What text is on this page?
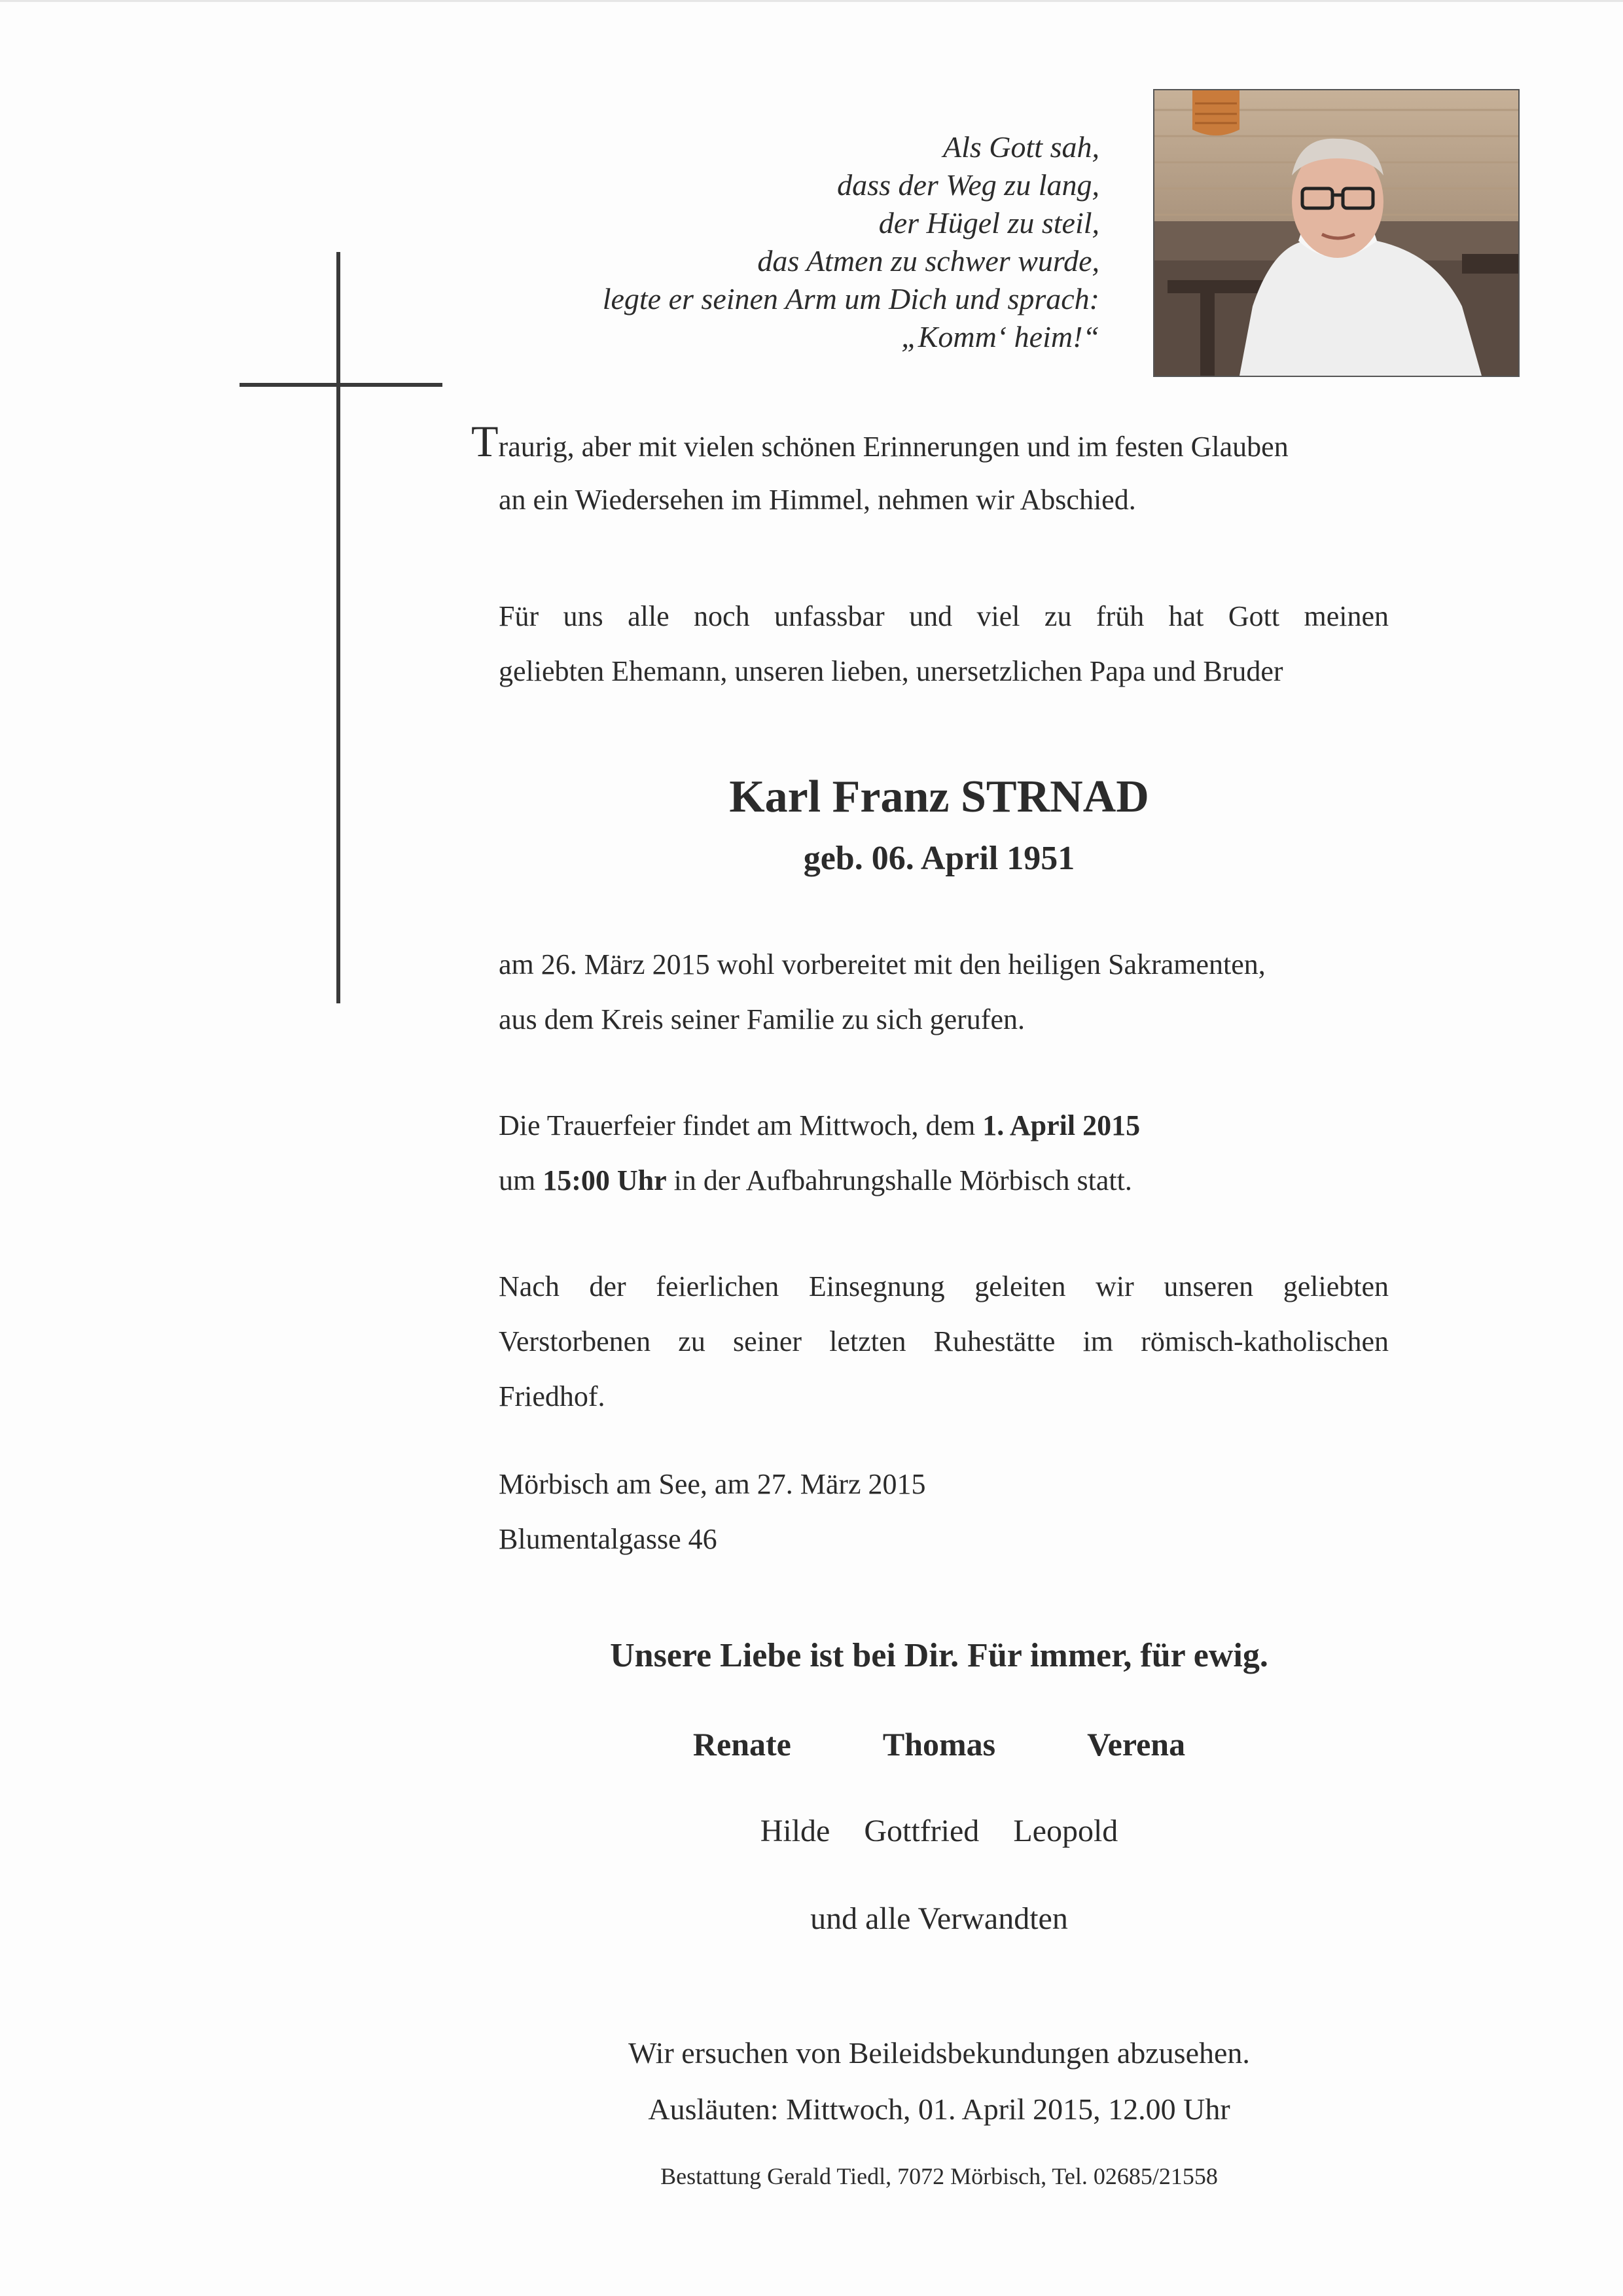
Als Gott sah,
dass der Weg zu lang,
der Hügel zu steil,
das Atmen zu schwer wurde,
legte er seinen Arm um Dich und sprach:
„Komm‘ heim!“
Traurig, aber mit vielen schönen Erinnerungen und im festen Glauben
an ein Wiedersehen im Himmel, nehmen wir Abschied.
Für uns alle noch unfassbar und viel zu früh hat Gott meinen
geliebten Ehemann, unseren lieben, unersetzlichen Papa und Bruder
Karl Franz STRNAD
geb. 06. April 1951
am 26. März 2015 wohl vorbereitet mit den heiligen Sakramenten,
aus dem Kreis seiner Familie zu sich gerufen.
Die Trauerfeier findet am Mittwoch, dem 1. April 2015
um 15:00 Uhr in der Aufbahrungshalle Mörbisch statt.
Nach der feierlichen Einsegnung geleiten wir unseren geliebten
Verstorbenen zu seiner letzten Ruhestätte im römisch-katholischen
Friedhof.
Mörbisch am See, am 27. März 2015
Blumentalgasse 46
Unsere Liebe ist bei Dir. Für immer, für ewig.
Renate	Thomas	Verena
Hilde Gottfried Leopold
und alle Verwandten
Wir ersuchen von Beileidsbekundungen abzusehen.
Ausläuten: Mittwoch, 01. April 2015, 12.00 Uhr
Bestattung Gerald Tiedl, 7072 Mörbisch, Tel. 02685/21558
